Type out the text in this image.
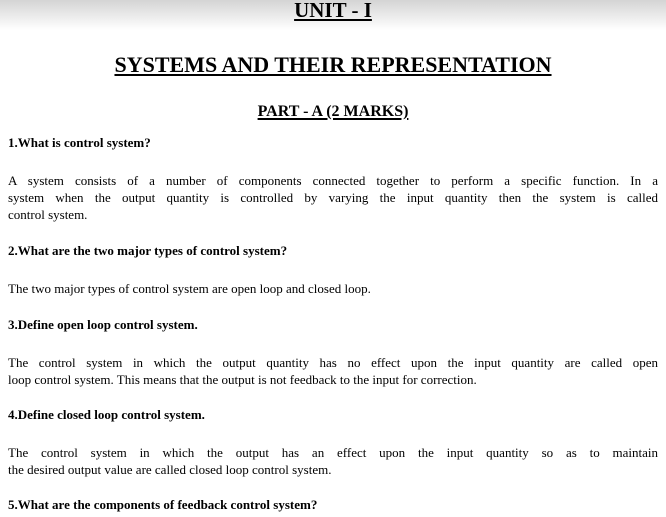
UNIT - I
SYSTEMS AND THEIR REPRESENTATION
PART - A (2 MARKS)
1.What is control system?
A system consists of a number of components connected together to perform a specific function. In a
system when the output quantity is controlled by varying the input quantity then the system is called
control system.
2.What are the two major types of control system?
The two major types of control system are open loop and closed loop.
3.Define open loop control system.
The control system in which the output quantity has no effect upon the input quantity are called open
loop control system. This means that the output is not feedback to the input for correction.
4.Define closed loop control system.
The control system in which the output has an effect upon the input quantity so as to maintain
the desired output value are called closed loop control system.
5.What are the components of feedback control system?
